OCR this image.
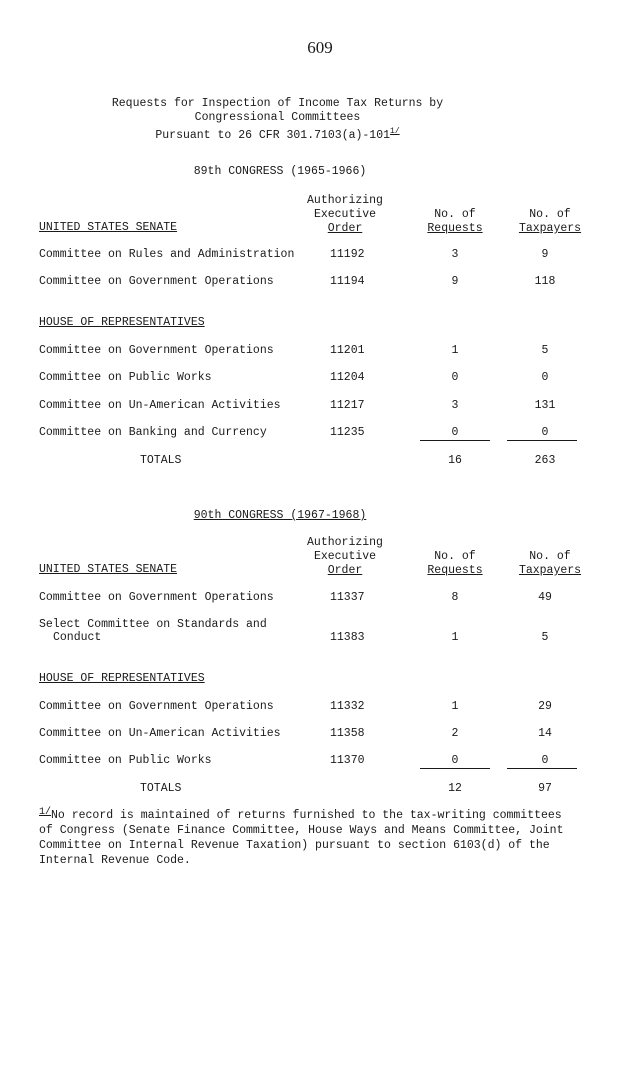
609
Requests for Inspection of Income Tax Returns by
Congressional Committees
Pursuant to 26 CFR $301.7103(a)-101^{1/}$
89th CONGRESS (1965-1966)
Authorizing
Executive
Order
No. of
Requests
No. of
Taxpayers
UNITED STATES SENATE
Committee on Rules and Administration	11192	3	9
Committee on Government Operations	11194	9	118
HOUSE OF REPRESENTATIVES
Committee on Government Operations	11201	1	5
Committee on Public Works	11204	0	0
Committee on Un-American Activities	11217	3	131
Committee on Banking and Currency	11235	0	0
TOTALS	16	263
90th CONGRESS (1967-1968)
Authorizing
Executive
Order
No. of
Requests
No. of
Taxpayers
UNITED STATES SENATE
Committee on Government Operations	11337	8	49
Select Committee on Standards and
Conduct	11383	1	5
HOUSE OF REPRESENTATIVES
Committee on Government Operations	11332	1	29
Committee on Un-American Activities	11358	2	14
Committee on Public Works	11370	0	0
TOTALS	12	97
1/No record is maintained of returns furnished to the tax-writing committees
of Congress (Senate Finance Committee, House Ways and Means Committee, Joint
Committee on Internal Revenue Taxation) pursuant to section 6103(d) of the
Internal Revenue Code.
